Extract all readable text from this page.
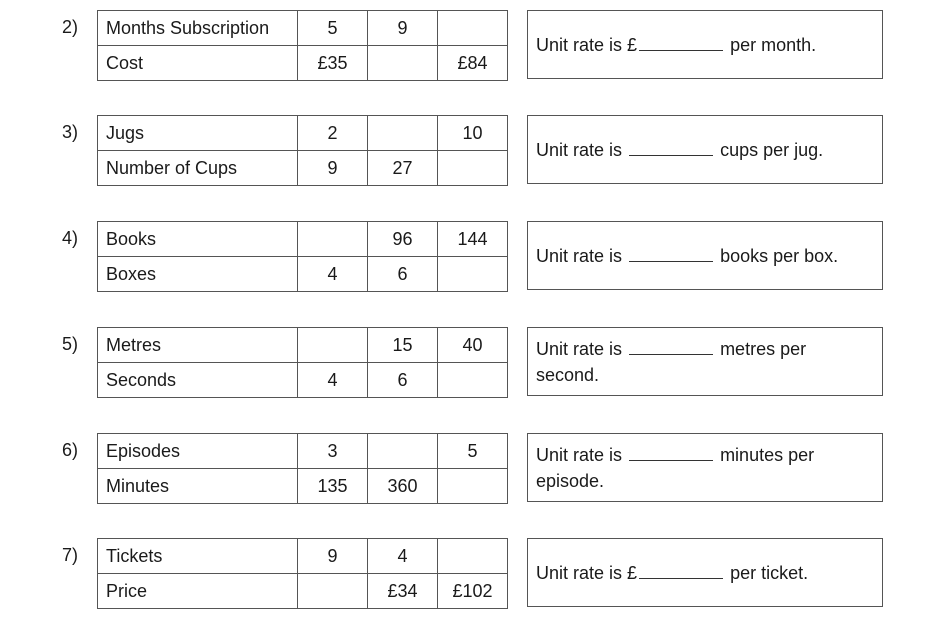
2) Months Subscription	5	9	
Cost	£35		£84
Unit rate is £	per month.
3) Jugs	2		10
Number of Cups	9	27	
Unit rate is	cups per jug.
4) Books		96	144
Boxes	4	6	
Unit rate is	books per box.
5) Metres		15	40
Seconds	4	6	
Unit rate is	metres per second.
6) Episodes	3		5
Minutes	135	360	
Unit rate is	minutes per episode.
7) Tickets	9	4	
Price		£34	£102
Unit rate is £	per ticket.
